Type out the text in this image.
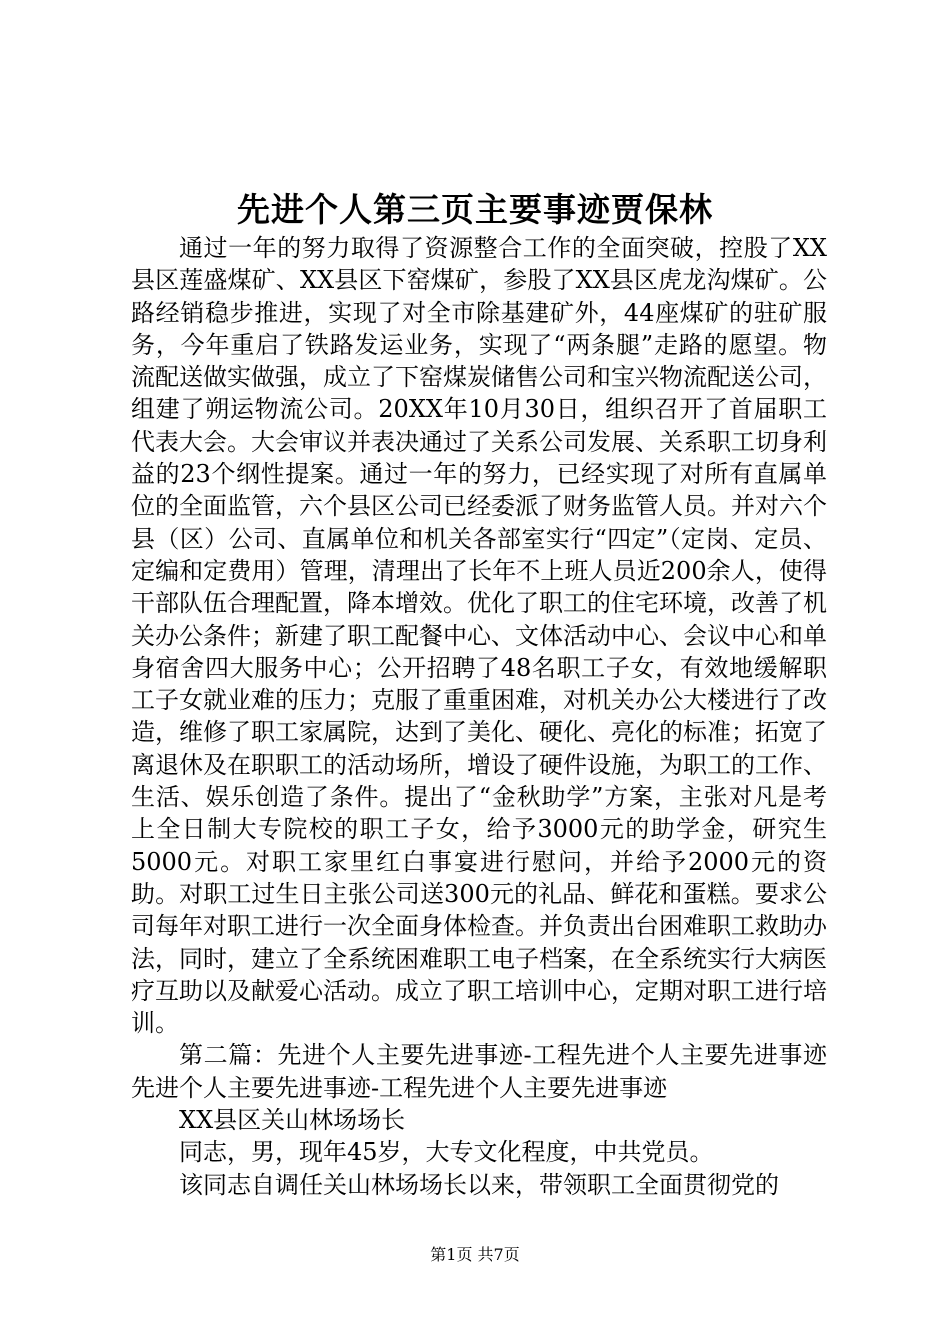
先进个人第三页主要事迹贾保林

通过一年的努力取得了资源整合工作的全面突破，控股了XX县区莲盛煤矿、XX县区下窑煤矿，参股了XX县区虎龙沟煤矿。公路经销稳步推进，实现了对全市除基建矿外，44座煤矿的驻矿服务，今年重启了铁路发运业务，实现了“两条腿”走路的愿望。物流配送做实做强，成立了下窑煤炭储售公司和宝兴物流配送公司，组建了朔运物流公司。20XX年10月30日，组织召开了首届职工代表大会。大会审议并表决通过了关系公司发展、关系职工切身利益的23个纲性提案。通过一年的努力，已经实现了对所有直属单位的全面监管，六个县区公司已经委派了财务监管人员。并对六个县（区）公司、直属单位和机关各部室实行“四定”（定岗、定员、定编和定费用）管理，清理出了长年不上班人员近200余人，使得干部队伍合理配置，降本增效。优化了职工的住宅环境，改善了机关办公条件；新建了职工配餐中心、文体活动中心、会议中心和单身宿舍四大服务中心；公开招聘了48名职工子女，有效地缓解职工子女就业难的压力；克服了重重困难，对机关办公大楼进行了改造，维修了职工家属院，达到了美化、硬化、亮化的标准；拓宽了离退休及在职职工的活动场所，增设了硬件设施，为职工的工作、生活、娱乐创造了条件。提出了“金秋助学”方案，主张对凡是考上全日制大专院校的职工子女，给予3000元的助学金，研究生5000元。对职工家里红白事宴进行慰问，并给予2000元的资助。对职工过生日主张公司送300元的礼品、鲜花和蛋糕。要求公司每年对职工进行一次全面身体检查。并负责出台困难职工救助办法，同时，建立了全系统困难职工电子档案，在全系统实行大病医疗互助以及献爱心活动。成立了职工培训中心，定期对职工进行培训。

第二篇：先进个人主要先进事迹-工程先进个人主要先进事迹先进个人主要先进事迹-工程先进个人主要先进事迹

XX县区关山林场场长

同志，男，现年45岁，大专文化程度，中共党员。

该同志自调任关山林场场长以来，带领职工全面贯彻党的

第1页 共7页
